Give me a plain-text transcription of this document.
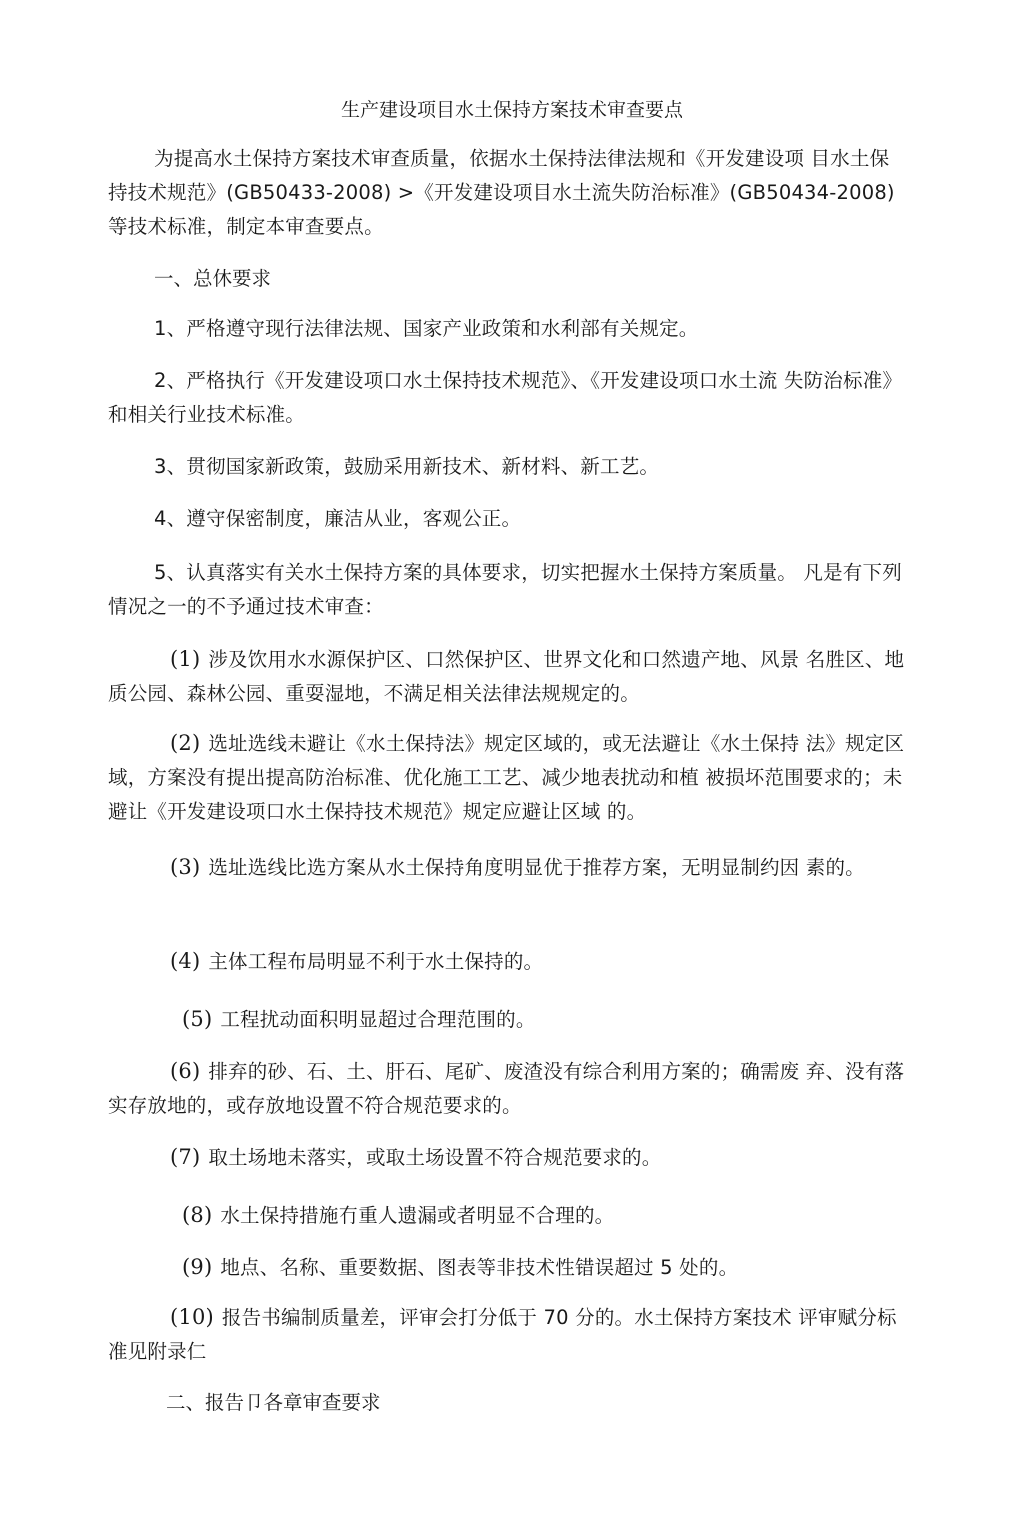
生产建设项目水土保持方案技术审查要点

为提高水土保持方案技术审查质量，依据水土保持法律法规和《开发建设项 目水土保持技术规范》(GB50433-2008) >《开发建设项目水土流失防治标准》(GB50434-2008)等技术标准，制定本审查要点。

一、总休要求

1、严格遵守现行法律法规、国家产业政策和水利部有关规定。

2、严格执行《开发建设项口水土保持技术规范》、《开发建设项口水土流 失防治标准》和相关行业技术标准。

3、贯彻国家新政策，鼓励采用新技术、新材料、新工艺。

4、遵守保密制度，廉洁从业，客观公正。

5、认真落实有关水土保持方案的具体要求，切实把握水土保持方案质量。 凡是有下列情况之一的不予通过技术审查：

(1) 涉及饮用水水源保护区、口然保护区、世界文化和口然遗产地、风景 名胜区、地质公园、森林公园、重耍湿地，不满足相关法律法规规定的。

(2) 选址选线未避让《水土保持法》规定区域的，或无法避让《水土保持 法》规定区域，方案没有提出提高防治标准、优化施工工艺、减少地表扰动和植 被损坏范围要求的；未避让《开发建设项口水土保持技术规范》规定应避让区域 的。

(3) 选址选线比选方案从水土保持角度明显优于推荐方案，无明显制约因 素的。

(4) 主体工程布局明显不利于水土保持的。

(5) 工程扰动面积明显超过合理范围的。

(6) 排弃的砂、石、土、肝石、尾矿、废渣没有综合利用方案的；确需废 弃、没有落实存放地的，或存放地设置不符合规范要求的。

(7) 取土场地未落实，或取土场设置不符合规范要求的。

(8) 水土保持措施冇重人遗漏或者明显不合理的。

(9) 地点、名称、重要数据、图表等非技术性错误超过 5 处的。

(10) 报告书编制质量差，评审会打分低于 70 分的。水土保持方案技术 评审赋分标准见附录仁

二、报告卩各章审查要求
